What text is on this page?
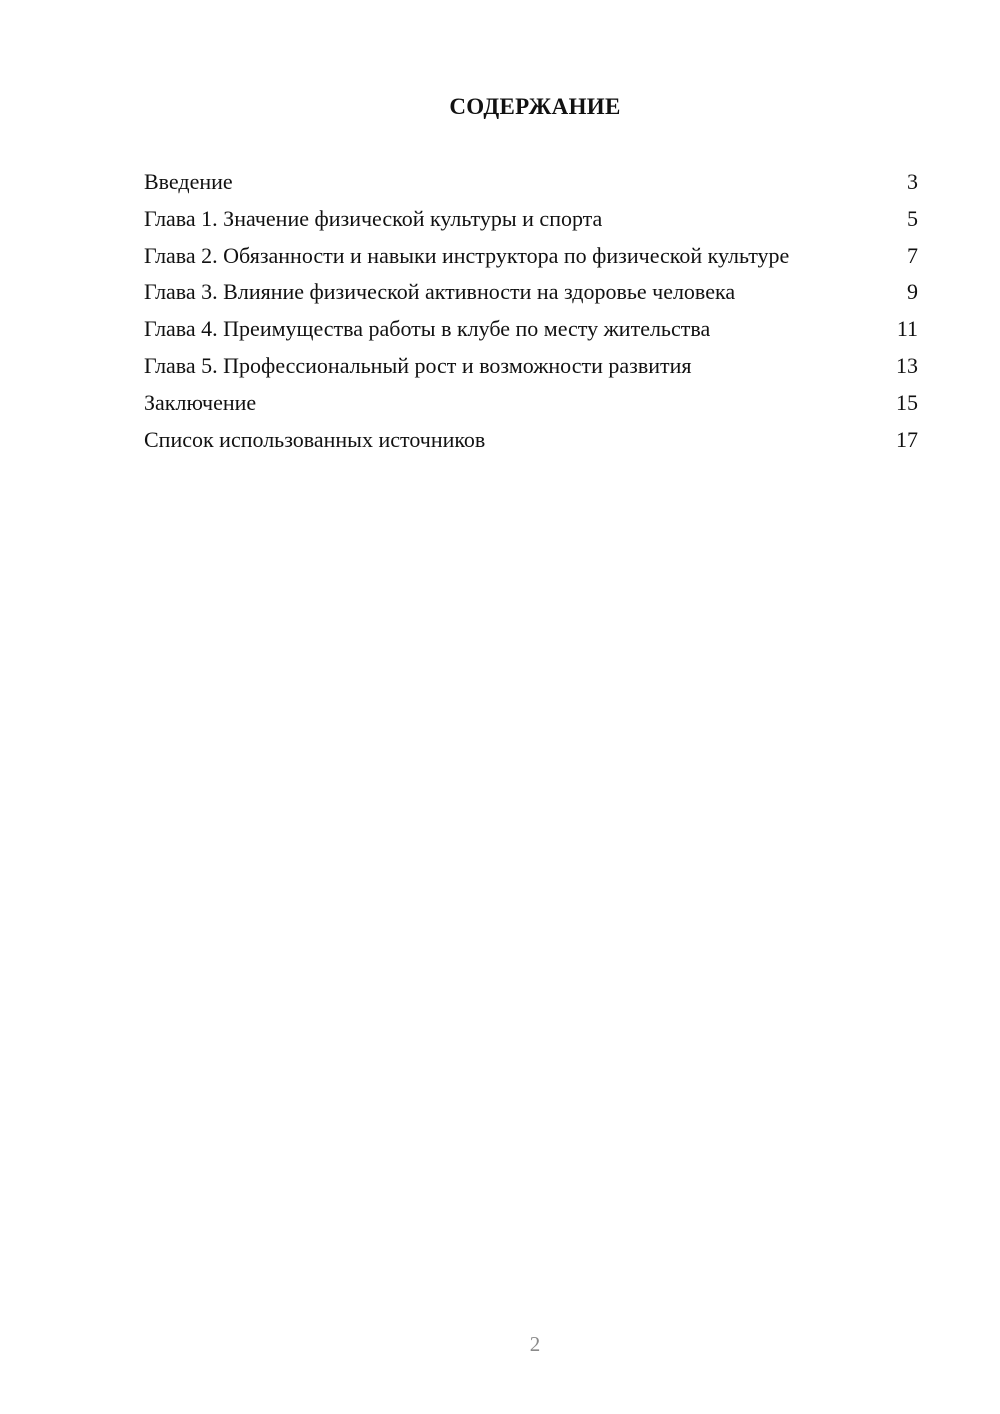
СОДЕРЖАНИЕ
Введение	3
Глава 1. Значение физической культуры и спорта	5
Глава 2. Обязанности и навыки инструктора по физической культуре	7
Глава 3. Влияние физической активности на здоровье человека	9
Глава 4. Преимущества работы в клубе по месту жительства	11
Глава 5. Профессиональный рост и возможности развития	13
Заключение	15
Список использованных источников	17
2
